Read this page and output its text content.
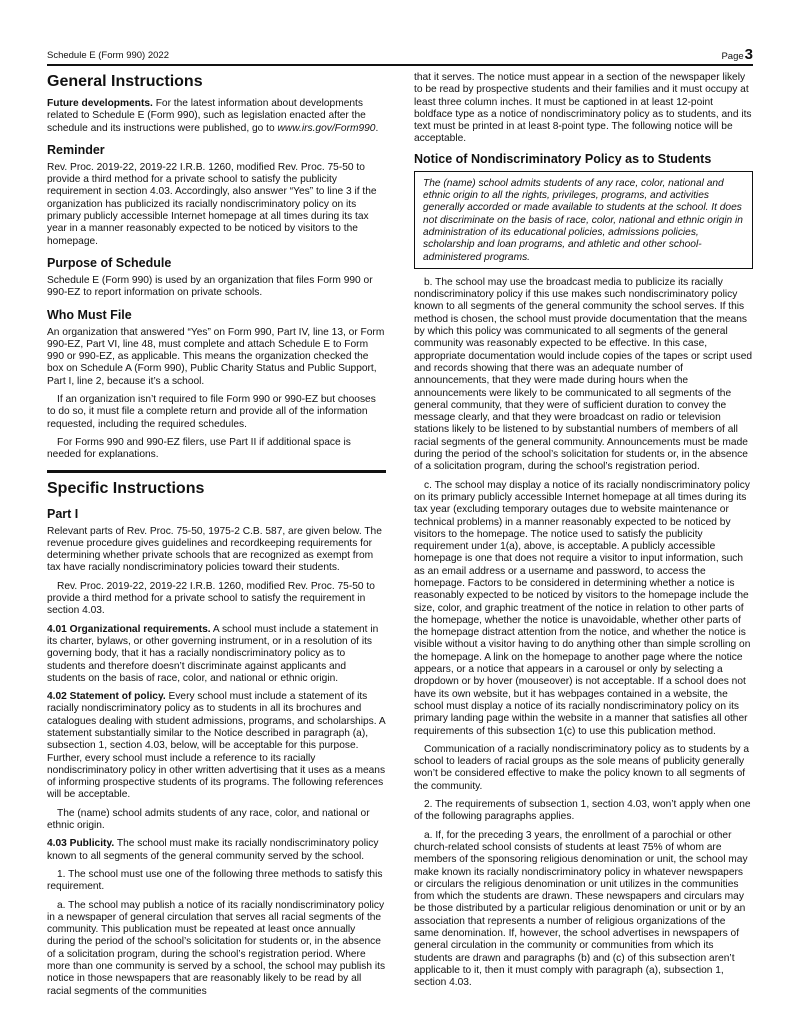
Schedule E (Form 990) 2022	Page3
General Instructions

Future developments. For the latest information about developments related to Schedule E (Form 990), such as legislation enacted after the schedule and its instructions were published, go to www.irs.gov/Form990.

Reminder

Rev. Proc. 2019-22, 2019-22 I.R.B. 1260, modified Rev. Proc. 75-50 to provide a third method for a private school to satisfy the publicity requirement in section 4.03. Accordingly, also answer “Yes” to line 3 if the organization has publicized its racially nondiscriminatory policy on its primary publicly accessible Internet homepage at all times during its tax year in a manner reasonably expected to be noticed by visitors to the homepage.

Purpose of Schedule

Schedule E (Form 990) is used by an organization that files Form 990 or 990-EZ to report information on private schools.

Who Must File

An organization that answered “Yes” on Form 990, Part IV, line 13, or Form 990-EZ, Part VI, line 48, must complete and attach Schedule E to Form 990 or 990-EZ, as applicable. This means the organization checked the box on Schedule A (Form 990), Public Charity Status and Public Support, Part I, line 2, because it’s a school.

If an organization isn’t required to file Form 990 or 990-EZ but chooses to do so, it must file a complete return and provide all of the information requested, including the required schedules.

For Forms 990 and 990-EZ filers, use Part II if additional space is needed for explanations.

Specific Instructions
Part I

Relevant parts of Rev. Proc. 75-50, 1975-2 C.B. 587, are given below. The revenue procedure gives guidelines and recordkeeping requirements for determining whether private schools that are recognized as exempt from tax have racially nondiscriminatory policies toward their students.

Rev. Proc. 2019-22, 2019-22 I.R.B. 1260, modified Rev. Proc. 75-50 to provide a third method for a private school to satisfy the requirement in section 4.03.

4.01 Organizational requirements. A school must include a statement in its charter, bylaws, or other governing instrument, or in a resolution of its governing body, that it has a racially nondiscriminatory policy as to students and therefore doesn’t discriminate against applicants and students on the basis of race, color, and national or ethnic origin.

4.02 Statement of policy. Every school must include a statement of its racially nondiscriminatory policy as to students in all its brochures and catalogues dealing with student admissions, programs, and scholarships. A statement substantially similar to the Notice described in paragraph (a), subsection 1, section 4.03, below, will be acceptable for this purpose. Further, every school must include a reference to its racially nondiscriminatory policy in other written advertising that it uses as a means of informing prospective students of its programs. The following references will be acceptable.

The (name) school admits students of any race, color, and national or ethnic origin.

4.03 Publicity. The school must make its racially nondiscriminatory policy known to all segments of the general community served by the school.

1. The school must use one of the following three methods to satisfy this requirement.

a. The school may publish a notice of its racially nondiscriminatory policy in a newspaper of general circulation that serves all racial segments of the community. This publication must be repeated at least once annually during the period of the school’s solicitation for students or, in the absence of a solicitation program, during the school’s registration period. Where more than one community is served by a school, the school may publish its notice in those newspapers that are reasonably likely to be read by all racial segments of the communities

that it serves. The notice must appear in a section of the newspaper likely to be read by prospective students and their families and it must occupy at least three column inches. It must be captioned in at least 12-point boldface type as a notice of nondiscriminatory policy as to students, and its text must be printed in at least 8-point type. The following notice will be acceptable.

Notice of Nondiscriminatory Policy as to Students

The (name) school admits students of any race, color, national and ethnic origin to all the rights, privileges, programs, and activities generally accorded or made available to students at the school. It does not discriminate on the basis of race, color, national and ethnic origin in administration of its educational policies, admissions policies, scholarship and loan programs, and athletic and other school-administered programs.

b. The school may use the broadcast media to publicize its racially nondiscriminatory policy if this use makes such nondiscriminatory policy known to all segments of the general community the school serves. If this method is chosen, the school must provide documentation that the means by which this policy was communicated to all segments of the general community was reasonably expected to be effective. In this case, appropriate documentation would include copies of the tapes or script used and records showing that there was an adequate number of announcements, that they were made during hours when the announcements were likely to be communicated to all segments of the general community, that they were of sufficient duration to convey the message clearly, and that they were broadcast on radio or television stations likely to be listened to by substantial numbers of members of all racial segments of the general community. Announcements must be made during the period of the school’s solicitation for students or, in the absence of a solicitation program, during the school’s registration period.

c. The school may display a notice of its racially nondiscriminatory policy on its primary publicly accessible Internet homepage at all times during its tax year (excluding temporary outages due to website maintenance or technical problems) in a manner reasonably expected to be noticed by visitors to the homepage. The notice used to satisfy the publicity requirement under 1(a), above, is acceptable. A publicly accessible homepage is one that does not require a visitor to input information, such as an email address or a username and password, to access the homepage. Factors to be considered in determining whether a notice is reasonably expected to be noticed by visitors to the homepage include the size, color, and graphic treatment of the notice in relation to other parts of the homepage, whether the notice is unavoidable, whether other parts of the homepage distract attention from the notice, and whether the notice is visible without a visitor having to do anything other than simple scrolling on the homepage. A link on the homepage to another page where the notice appears, or a notice that appears in a carousel or only by selecting a dropdown or by hover (mouseover) is not acceptable. If a school does not have its own website, but it has webpages contained in a website, the school must display a notice of its racially nondiscriminatory policy on its primary landing page within the website in a manner that satisfies all other requirements of this subsection 1(c) to use this publication method.

Communication of a racially nondiscriminatory policy as to students by a school to leaders of racial groups as the sole means of publicity generally won’t be considered effective to make the policy known to all segments of the community.

2. The requirements of subsection 1, section 4.03, won’t apply when one of the following paragraphs applies.

a. If, for the preceding 3 years, the enrollment of a parochial or other church-related school consists of students at least 75% of whom are members of the sponsoring religious denomination or unit, the school may make known its racially nondiscriminatory policy in whatever newspapers or circulars the religious denomination or unit utilizes in the communities from which the students are drawn. These newspapers and circulars may be those distributed by a particular religious denomination or unit or by an association that represents a number of religious organizations of the same denomination. If, however, the school advertises in newspapers of general circulation in the community or communities from which its students are drawn and paragraphs (b) and (c) of this subsection aren’t applicable to it, then it must comply with paragraph (a), subsection 1, section 4.03.
